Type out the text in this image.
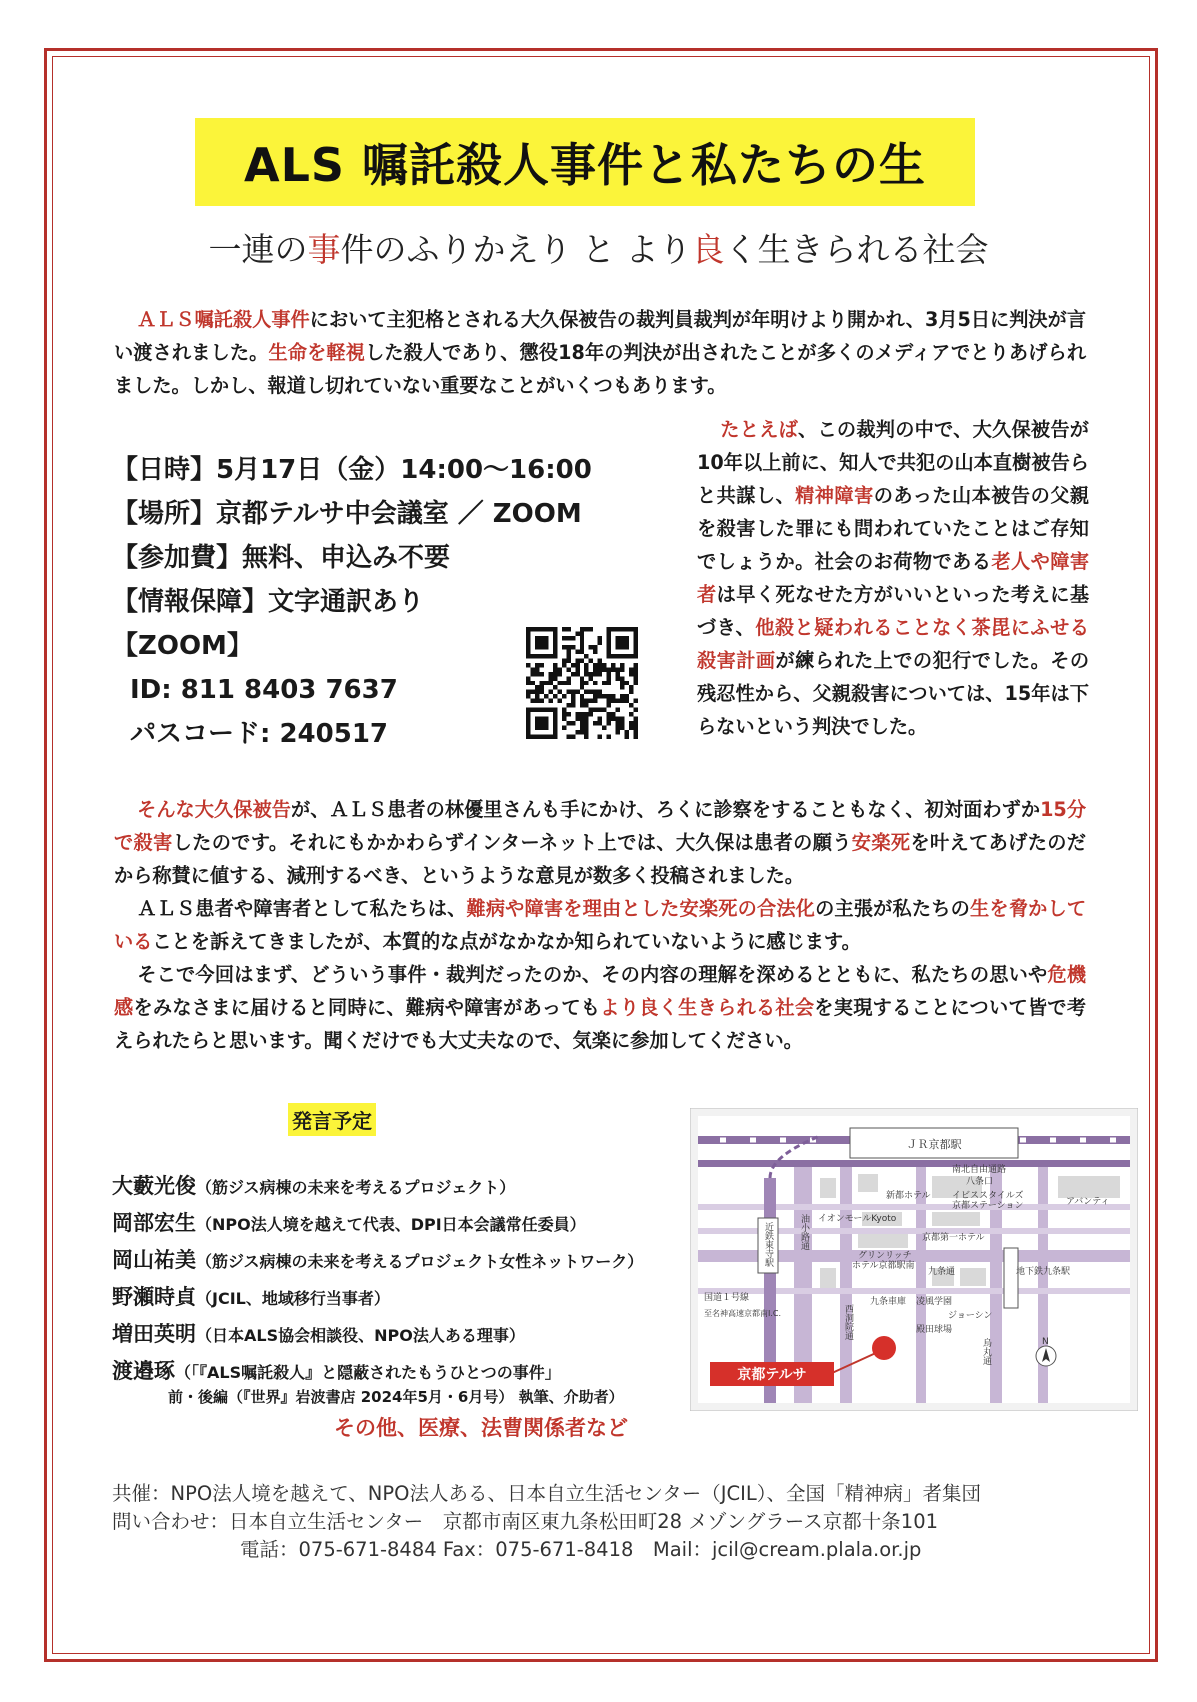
ALS 嘱託殺人事件と私たちの生
一連の事件のふりかえり と より良く生きられる社会
ＡＬＳ嘱託殺人事件において主犯格とされる大久保被告の裁判員裁判が年明けより開かれ、3月5日に判決が言い渡されました。生命を軽視した殺人であり、懲役18年の判決が出されたことが多くのメディアでとりあげられました。しかし、報道し切れていない重要なことがいくつもあります。
【日時】5月17日（金）14:00〜16:00
【場所】京都テルサ中会議室 ／ ZOOM
【参加費】無料、申込み不要
【情報保障】文字通訳あり
【ZOOM】
ID: 811 8403 7637
パスコード: 240517
たとえば、この裁判の中で、大久保被告が10年以上前に、知人で共犯の山本直樹被告らと共謀し、精神障害のあった山本被告の父親を殺害した罪にも問われていたことはご存知でしょうか。社会のお荷物である老人や障害者は早く死なせた方がいいといった考えに基づき、他殺と疑われることなく茶毘にふせる殺害計画が練られた上での犯行でした。その残忍性から、父親殺害については、15年は下らないという判決でした。
そんな大久保被告が、ＡＬＳ患者の林優里さんも手にかけ、ろくに診察をすることもなく、初対面わずか15分で殺害したのです。それにもかかわらずインターネット上では、大久保は患者の願う安楽死を叶えてあげたのだから称賛に値する、減刑するべき、というような意見が数多く投稿されました。
ＡＬＳ患者や障害者として私たちは、難病や障害を理由とした安楽死の合法化の主張が私たちの生を脅かしていることを訴えてきましたが、本質的な点がなかなか知られていないように感じます。
そこで今回はまず、どういう事件・裁判だったのか、その内容の理解を深めるとともに、私たちの思いや危機感をみなさまに届けると同時に、難病や障害があってもより良く生きられる社会を実現することについて皆で考えられたらと思います。聞くだけでも大丈夫なので、気楽に参加してください。
発言予定
大藪光俊（筋ジス病棟の未来を考えるプロジェクト）
岡部宏生（NPO法人境を越えて代表、DPI日本会議常任委員）
岡山祐美（筋ジス病棟の未来を考えるプロジェクト女性ネットワーク）
野瀬時貞（JCIL、地域移行当事者）
増田英明（日本ALS協会相談役、NPO法人ある理事）
渡邉琢（「『ALS嘱託殺人』と隠蔽されたもうひとつの事件」
前・後編（『世界』岩波書店 2024年5月・6月号） 執筆、介助者）
その他、医療、法曹関係者など
ＪＲ京都駅
近鉄東寺駅
南北自由通路
八条口
新都ホテル イビススタイルズ
京都ステーション	アバンティ
イオンモールKyoto
京都第一ホテル
グリンリッチ
ホテル京都駅南
九条通	地下鉄九条駅
国道１号線
至名神高速京都南I.C.
九条車庫 凌風学園
殿田球場
ジョーシン
油小路通
西洞院通
烏丸通	N
京都テルサ
共催：NPO法人境を越えて、NPO法人ある、日本自立生活センター（JCIL）、全国「精神病」者集団
問い合わせ：日本自立生活センター　京都市南区東九条松田町28 メゾングラース京都十条101
電話：075-671-8484 Fax：075-671-8418　Mail：jcil@cream.plala.or.jp
